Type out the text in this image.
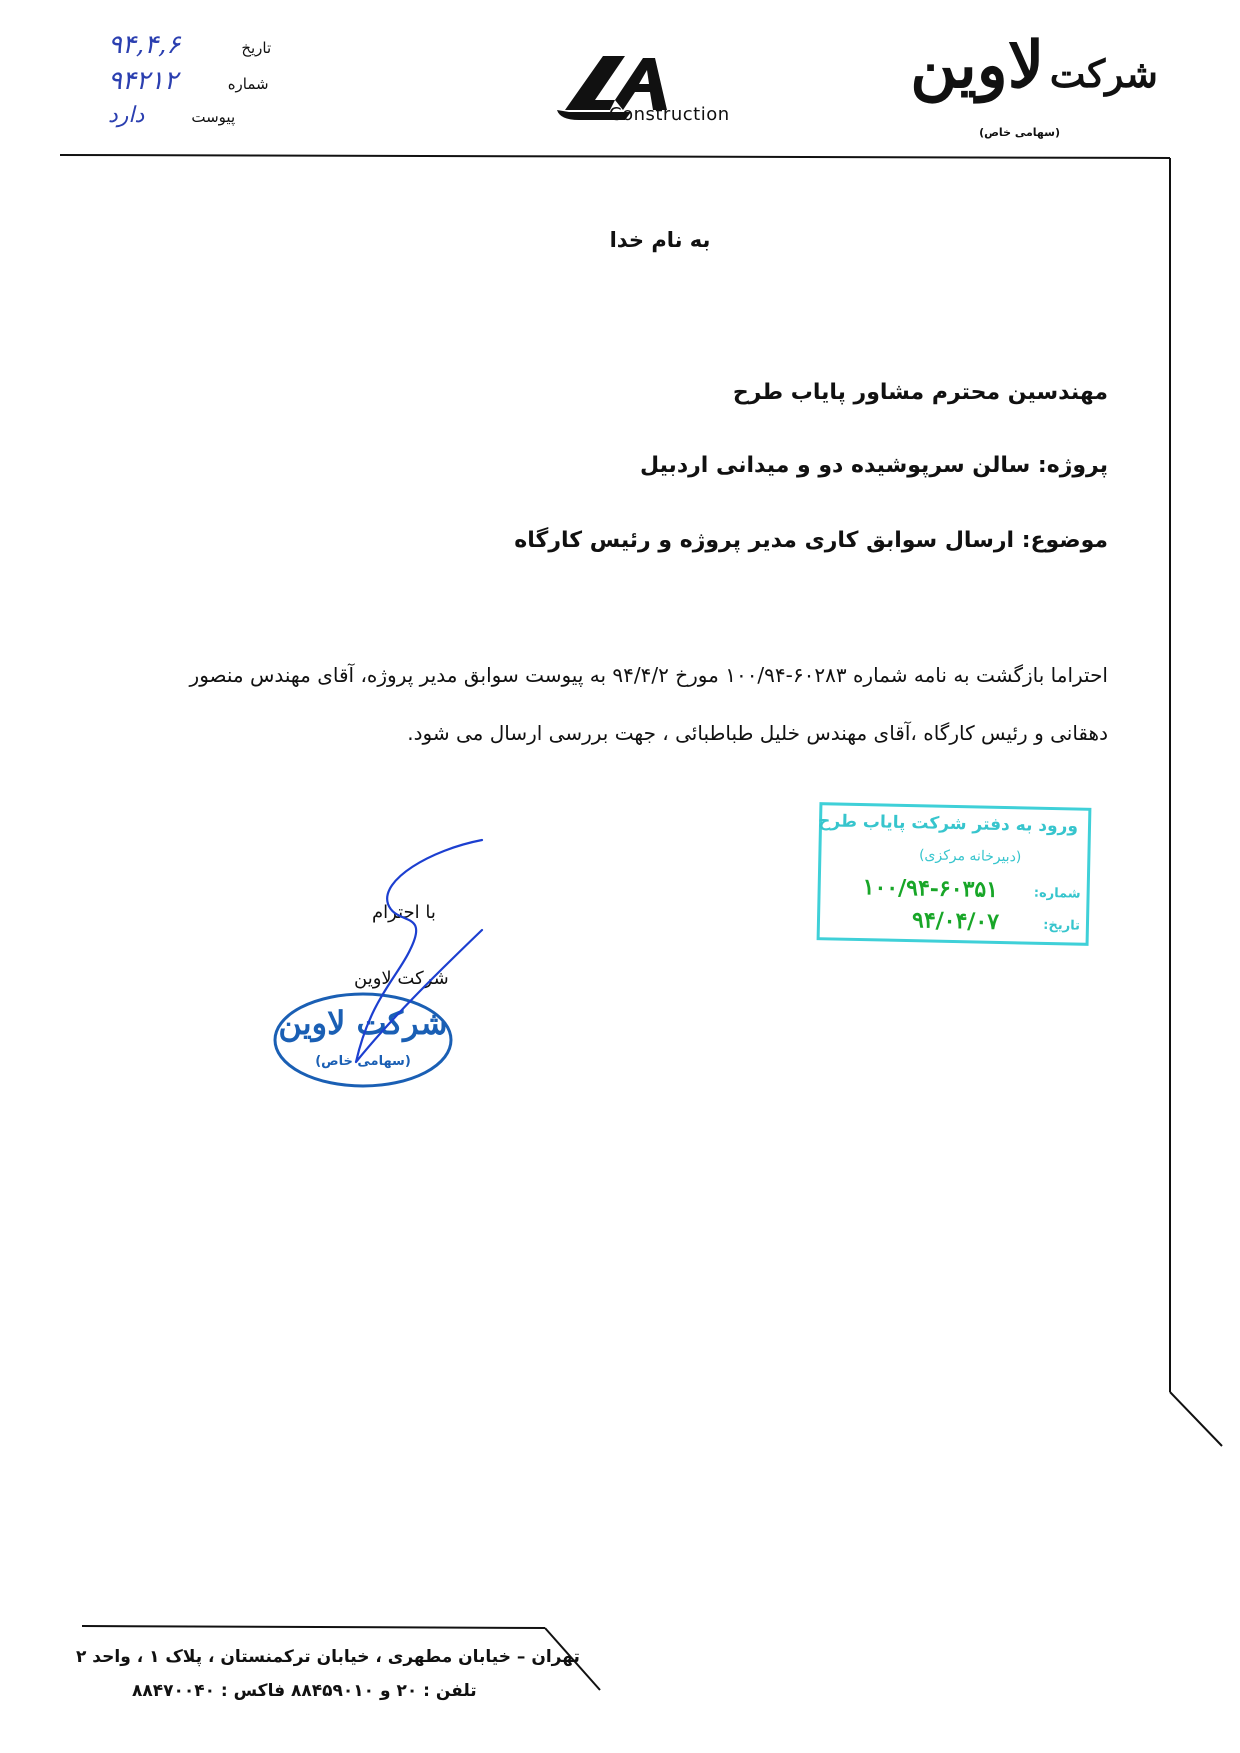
تاریخ ۹۴,۴,۶
شماره ۹۴۲۱۲
پیوست دارد	Construction
شرکت لاوین
(سهامی خاص)
به نام خدا
مهندسین محترم مشاور پایاب طرح
پروژه: سالن سرپوشیده دو و میدانی اردبیل
موضوع: ارسال سوابق کاری مدیر پروژه و رئیس کارگاه
احتراما بازگشت به نامه شماره ۶۰۲۸۳-۱۰۰/۹۴ مورخ ۹۴/۴/۲ به پیوست سوابق مدیر پروژه، آقای مهندس منصور دهقانی و رئیس کارگاه ،آقای مهندس خلیل طباطبائی ، جهت بررسی ارسال می شود.
ورود به دفتر شرکت پایاب طرح
(دبیرخانه مرکزی)
شماره:
۱۰۰/۹۴-۶۰۳۵۱
تاریخ:
۹۴/۰۴/۰۷
با احترام
شرکت لاوین
شرکت لاوین
(سهامی خاص)
تهران – خیابان مطهری ، خیابان ترکمنستان ، پلاک ۱ ، واحد ۲
تلفن : ۲۰ و ۸۸۴۵۹۰۱۰ فاکس : ۸۸۴۷۰۰۴۰
